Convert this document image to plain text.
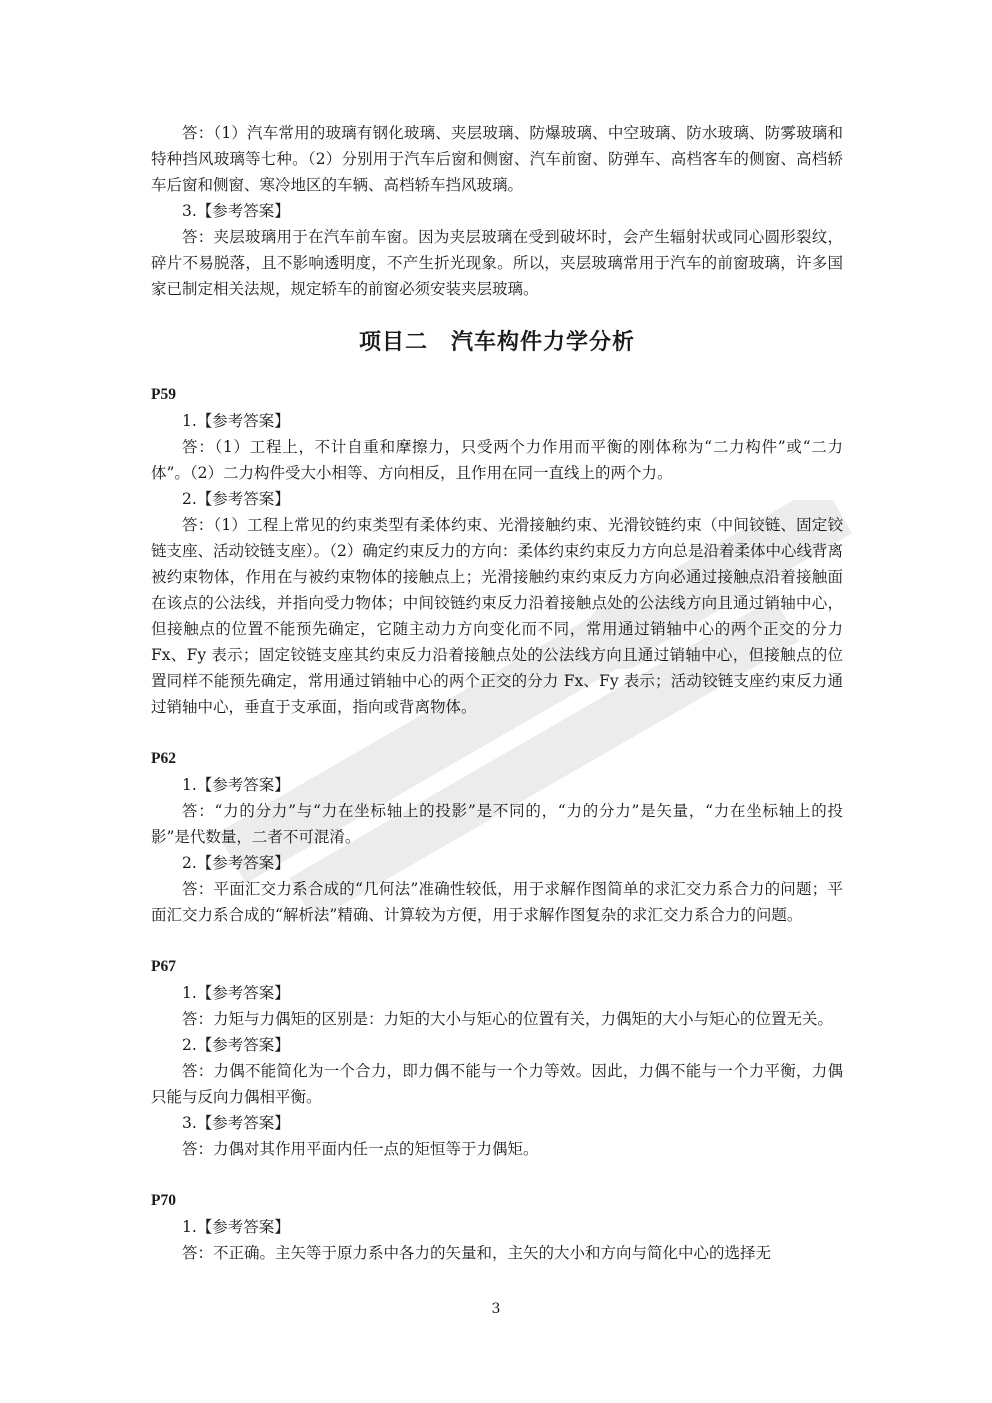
答：（1）汽车常用的玻璃有钢化玻璃、夹层玻璃、防爆玻璃、中空玻璃、防水玻璃、防雾玻璃和特种挡风玻璃等七种。（2）分别用于汽车后窗和侧窗、汽车前窗、防弹车、高档客车的侧窗、高档轿车后窗和侧窗、寒冷地区的车辆、高档轿车挡风玻璃。

3.【参考答案】

答：夹层玻璃用于在汽车前车窗。因为夹层玻璃在受到破坏时，会产生辐射状或同心圆形裂纹，碎片不易脱落，且不影响透明度，不产生折光现象。所以，夹层玻璃常用于汽车的前窗玻璃，许多国家已制定相关法规，规定轿车的前窗必须安装夹层玻璃。

项目二　汽车构件力学分析

P59

1.【参考答案】

答：（1）工程上，不计自重和摩擦力，只受两个力作用而平衡的刚体称为“二力构件”或“二力体”。（2）二力构件受大小相等、方向相反，且作用在同一直线上的两个力。

2.【参考答案】

答：（1）工程上常见的约束类型有柔体约束、光滑接触约束、光滑铰链约束（中间铰链、固定铰链支座、活动铰链支座）。（2）确定约束反力的方向：柔体约束约束反力方向总是沿着柔体中心线背离被约束物体，作用在与被约束物体的接触点上；光滑接触约束约束反力方向必通过接触点沿着接触面在该点的公法线，并指向受力物体；中间铰链约束反力沿着接触点处的公法线方向且通过销轴中心，但接触点的位置不能预先确定，它随主动力方向变化而不同，常用通过销轴中心的两个正交的分力 Fx、Fy 表示；固定铰链支座其约束反力沿着接触点处的公法线方向且通过销轴中心，但接触点的位置同样不能预先确定，常用通过销轴中心的两个正交的分力 Fx、Fy 表示；活动铰链支座约束反力通过销轴中心，垂直于支承面，指向或背离物体。

P62

1.【参考答案】

答：“力的分力”与“力在坐标轴上的投影”是不同的，“力的分力”是矢量，“力在坐标轴上的投影”是代数量，二者不可混淆。

2.【参考答案】

答：平面汇交力系合成的“几何法”准确性较低，用于求解作图简单的求汇交力系合力的问题；平面汇交力系合成的“解析法”精确、计算较为方便，用于求解作图复杂的求汇交力系合力的问题。

P67

1.【参考答案】

答：力矩与力偶矩的区别是：力矩的大小与矩心的位置有关，力偶矩的大小与矩心的位置无关。

2.【参考答案】

答：力偶不能简化为一个合力，即力偶不能与一个力等效。因此，力偶不能与一个力平衡，力偶只能与反向力偶相平衡。

3.【参考答案】

答：力偶对其作用平面内任一点的矩恒等于力偶矩。

P70

1.【参考答案】

答：不正确。主矢等于原力系中各力的矢量和，主矢的大小和方向与简化中心的选择无

3
